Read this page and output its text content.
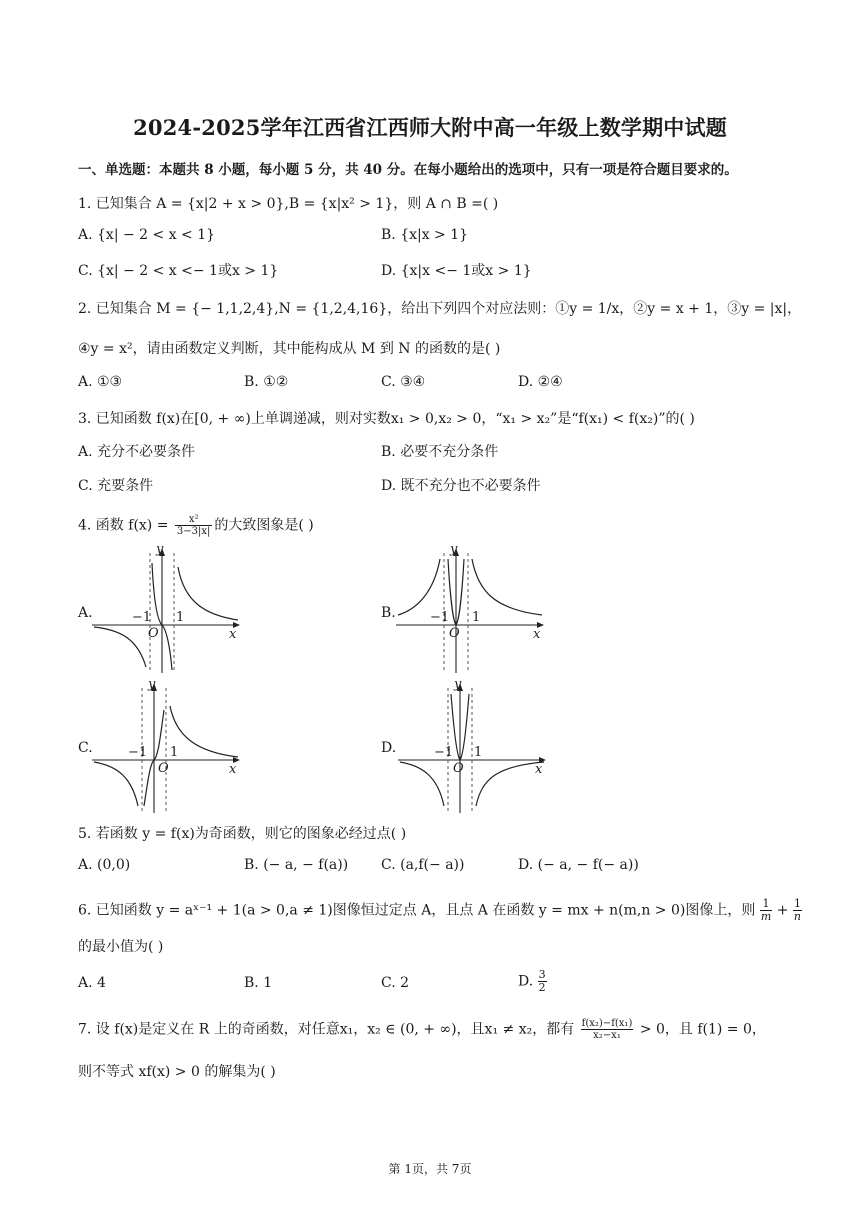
2024-2025学年江西省江西师大附中高一年级上数学期中试题
一、单选题：本题共 8 小题，每小题 5 分，共 40 分。在每小题给出的选项中，只有一项是符合题目要求的。
1. 已知集合 A = {x|2 + x > 0},B = {x|x² > 1}，则 A ∩ B =( )
A. {x| − 2 < x < 1}	B. {x|x > 1}
C. {x| − 2 < x <− 1或x > 1}	D. {x|x <− 1或x > 1}
2. 已知集合 M = {− 1,1,2,4},N = {1,2,4,16}，给出下列四个对应法则：①y = 1/x，②y = x + 1，③y = |x|，
④y = x²，请由函数定义判断，其中能构成从 M 到 N 的函数的是( )
A. ①③	B. ①②	C. ③④	D. ②④
3. 已知函数 f(x)在[0, + ∞)上单调递减，则对实数x₁ > 0,x₂ > 0，“x₁ > x₂”是“f(x₁) < f(x₂)”的( )
A. 充分不必要条件	B. 必要不充分条件
C. 充要条件	D. 既不充分也不必要条件
4. 函数 $f(x) = \frac{\text{x²}}{3-3|x|}$ 的大致图象是( )
A.	B.
C.	D.
y
x
O
−1 1
y
x
O
−1 1
y
x
O
−1 1
y
x
O
−1 1
5. 若函数 y = f(x)为奇函数，则它的图象必经过点( )
A. (0,0)	B. (− a, − f(a)) C. (a,f(− a))	D. (− a, − f(− a))
6. 已知函数 y = aˣ⁻¹ + 1(a > 0,a ≠ 1)图像恒过定点 A，且点 A 在函数 y = mx + n(m,n > 0)图像上，则 $\frac{1}{m} + \frac{1}{n}$
的最小值为( )
A. 4	B. 1	C. 2	D. $\frac{3}{2}$
7. 设 f(x)是定义在 R 上的奇函数，对任意x₁，x₂ ∈ (0, + ∞)，且x₁ ≠ x₂，都有 $\frac{\text{f(x₂)−f(x₁)}}{\text{x₂−x₁}} > 0$，且 f(1) = 0，
则不等式 xf(x) > 0 的解集为( )
第 1页，共 7页
